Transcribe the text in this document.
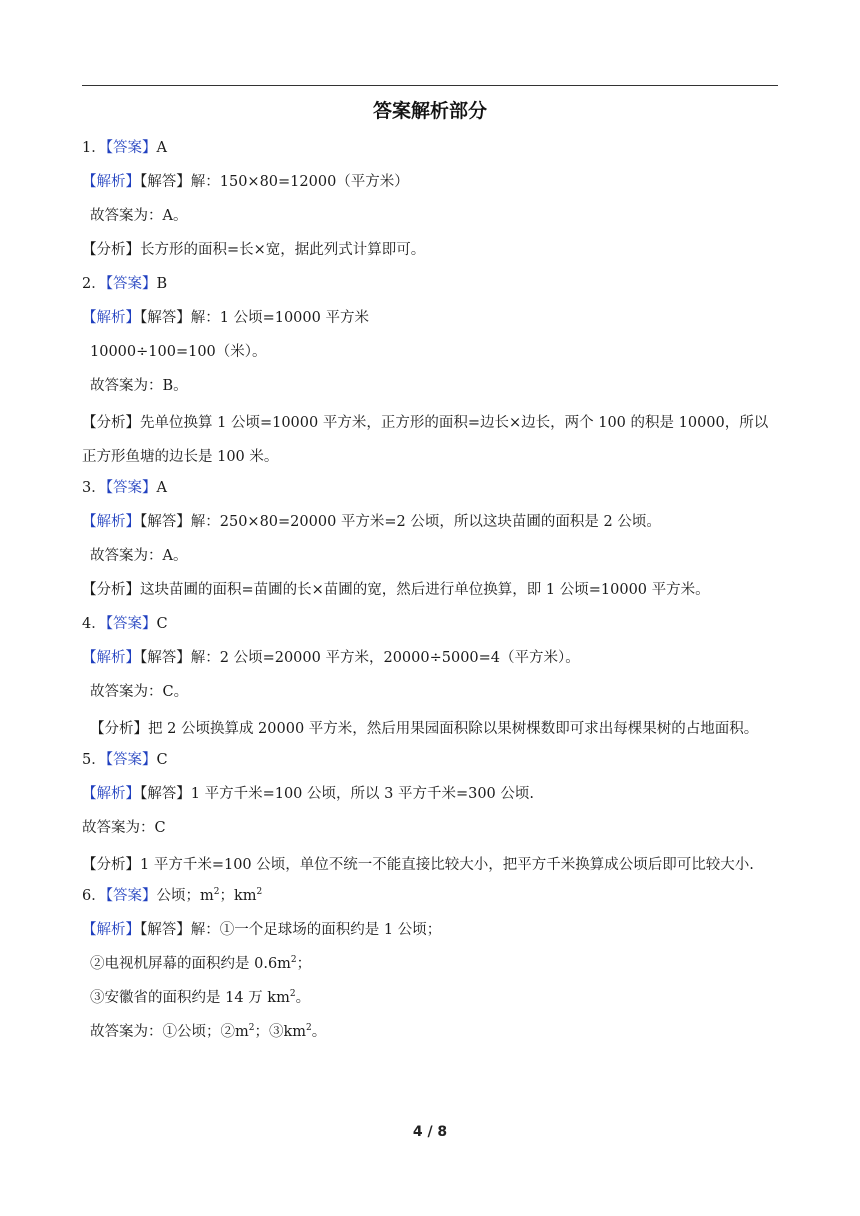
答案解析部分
1．【答案】A
【解析】【解答】解：150×80=12000（平方米）
故答案为：A。
【分析】长方形的面积=长×宽，据此列式计算即可。
2．【答案】B
【解析】【解答】解：1 公顷=10000 平方米
10000÷100=100（米）。
故答案为：B。
【分析】先单位换算 1 公顷=10000 平方米，正方形的面积=边长×边长，两个 100 的积是 10000，所以正方形鱼塘的边长是 100 米。
3．【答案】A
【解析】【解答】解：250×80=20000 平方米=2 公顷，所以这块苗圃的面积是 2 公顷。
故答案为：A。
【分析】这块苗圃的面积=苗圃的长×苗圃的宽，然后进行单位换算，即 1 公顷=10000 平方米。
4．【答案】C
【解析】【解答】解：2 公顷=20000 平方米，20000÷5000=4（平方米）。
故答案为：C。
【分析】把 2 公顷换算成 20000 平方米，然后用果园面积除以果树棵数即可求出每棵果树的占地面积。
5．【答案】C
【解析】【解答】1 平方千米=100 公顷，所以 3 平方千米=300 公顷.
故答案为：C
【分析】1 平方千米=100 公顷，单位不统一不能直接比较大小，把平方千米换算成公顷后即可比较大小.
6．【答案】公顷；$m^2$；$km^2$
【解析】【解答】解：①一个足球场的面积约是 1 公顷；
②电视机屏幕的面积约是 $0.6m^2$；
③安徽省的面积约是 14 万 $km^2$。
故答案为：①公顷；$②m^2$；$③km^2$。
4 / 8
